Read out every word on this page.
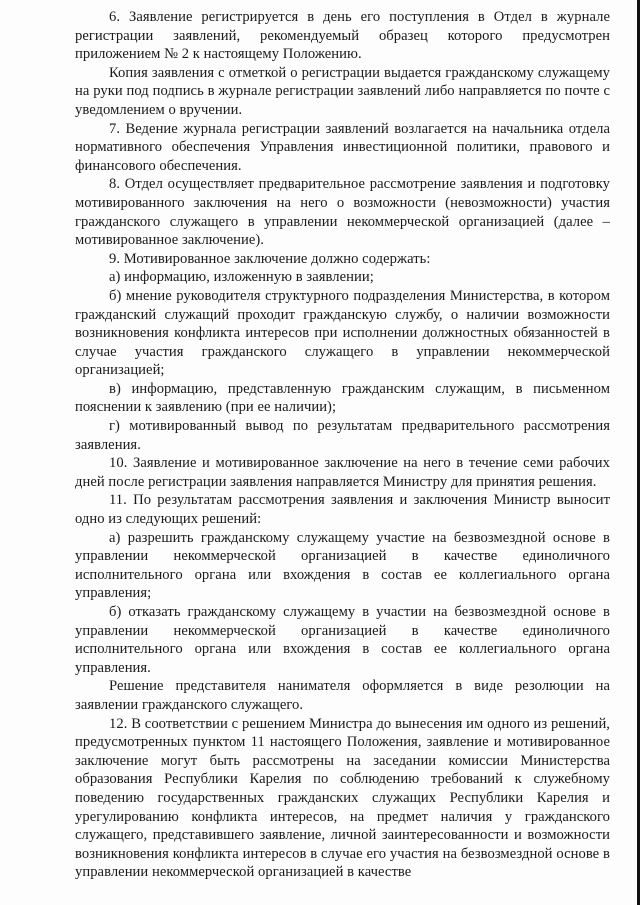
6. Заявление регистрируется в день его поступления в Отдел в журнале регистрации заявлений, рекомендуемый образец которого предусмотрен приложением № 2 к настоящему Положению.

Копия заявления с отметкой о регистрации выдается гражданскому служащему на руки под подпись в журнале регистрации заявлений либо направляется по почте с уведомлением о вручении.

7. Ведение журнала регистрации заявлений возлагается на начальника отдела нормативного обеспечения Управления инвестиционной политики, правового и финансового обеспечения.

8. Отдел осуществляет предварительное рассмотрение заявления и подготовку мотивированного заключения на него о возможности (невозможности) участия гражданского служащего в управлении некоммерческой организацией (далее – мотивированное заключение).

9. Мотивированное заключение должно содержать:

а) информацию, изложенную в заявлении;

б) мнение руководителя структурного подразделения Министерства, в котором гражданский служащий проходит гражданскую службу, о наличии возможности возникновения конфликта интересов при исполнении должностных обязанностей в случае участия гражданского служащего в управлении некоммерческой организацией;

в) информацию, представленную гражданским служащим, в письменном пояснении к заявлению (при ее наличии);

г) мотивированный вывод по результатам предварительного рассмотрения заявления.

10. Заявление и мотивированное заключение на него в течение семи рабочих дней после регистрации заявления направляется Министру для принятия решения.

11. По результатам рассмотрения заявления и заключения Министр выносит одно из следующих решений:

а) разрешить гражданскому служащему участие на безвозмездной основе в управлении некоммерческой организацией в качестве единоличного исполнительного органа или вхождения в состав ее коллегиального органа управления;

б) отказать гражданскому служащему в участии на безвозмездной основе в управлении некоммерческой организацией в качестве единоличного исполнительного органа или вхождения в состав ее коллегиального органа управления.

Решение представителя нанимателя оформляется в виде резолюции на заявлении гражданского служащего.

12. В соответствии с решением Министра до вынесения им одного из решений, предусмотренных пунктом 11 настоящего Положения, заявление и мотивированное заключение могут быть рассмотрены на заседании комиссии Министерства образования Республики Карелия по соблюдению требований к служебному поведению государственных гражданских служащих Республики Карелия и урегулированию конфликта интересов, на предмет наличия у гражданского служащего, представившего заявление, личной заинтересованности и возможности возникновения конфликта интересов в случае его участия на безвозмездной основе в управлении некоммерческой организацией в качестве
